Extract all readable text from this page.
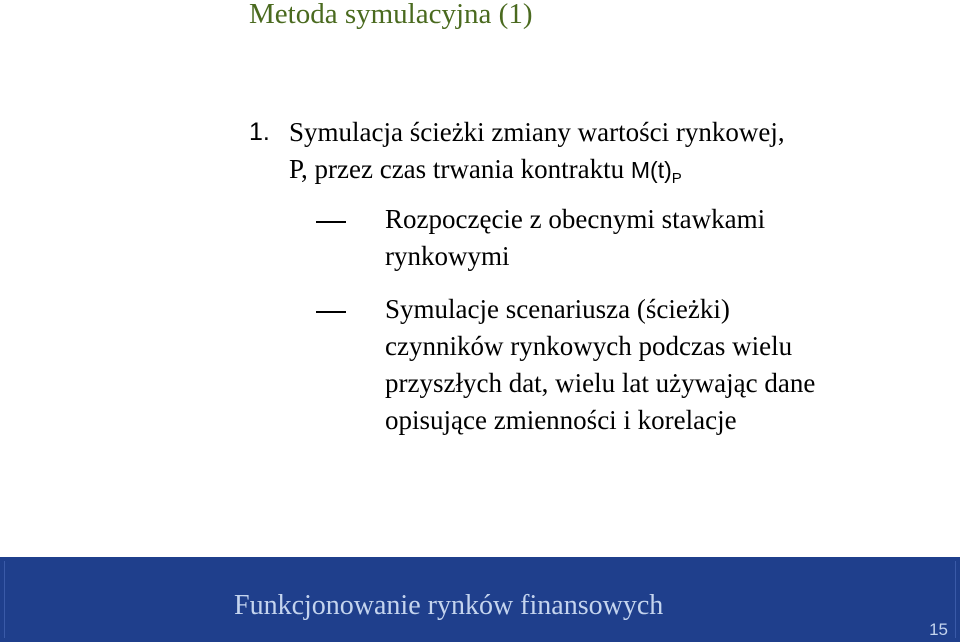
Metoda symulacyjna (1)
1. Symulacja ścieżki zmiany wartości rynkowej,
P, przez czas trwania kontraktu M(t)P
Rozpoczęcie z obecnymi stawkami
rynkowymi
Symulacje scenariusza (ścieżki)
czynników rynkowych podczas wielu
przyszłych dat, wielu lat używając dane
opisujące zmienności i korelacje
Funkcjonowanie rynków finansowych
15
